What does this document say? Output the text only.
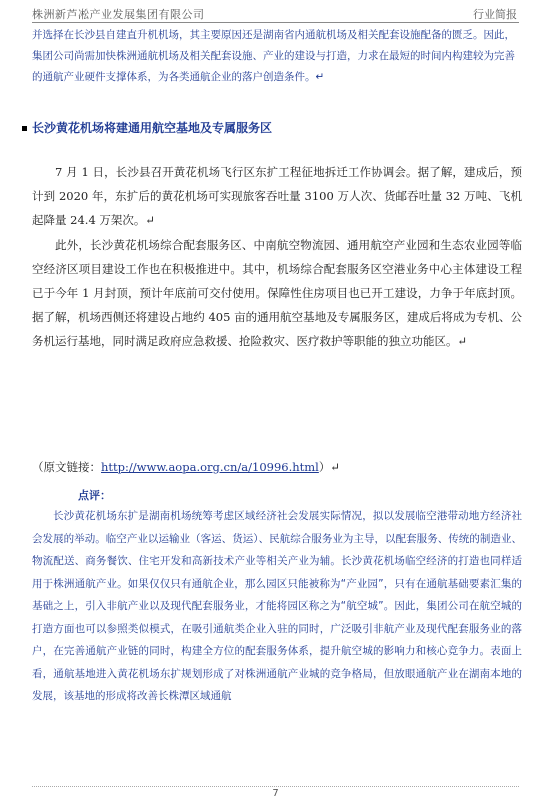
株洲新芦凇产业发展集团有限公司	行业简报
并选择在长沙县自建直升机机场，其主要原因还是湖南省内通航机场及相关配套设施配备的匮乏。因此，集团公司尚需加快株洲通航机场及相关配套设施、产业的建设与打造，力求在最短的时间内构建较为完善的通航产业硬件支撑体系，为各类通航企业的落户创造条件。↵
长沙黄花机场将建通用航空基地及专属服务区
7 月 1 日，长沙县召开黄花机场飞行区东扩工程征地拆迁工作协调会。据了解，建成后，预计到 2020 年，东扩后的黄花机场可实现旅客吞吐量 3100 万人次、货邮吞吐量 32 万吨、飞机起降量 24.4 万架次。↵
此外，长沙黄花机场综合配套服务区、中南航空物流园、通用航空产业园和生态农业园等临空经济区项目建设工作也在积极推进中。其中，机场综合配套服务区空港业务中心主体建设工程已于今年 1 月封顶，预计年底前可交付使用。保障性住房项目也已开工建设，力争于年底封顶。据了解，机场西侧还将建设占地约 405 亩的通用航空基地及专属服务区，建成后将成为专机、公务机运行基地，同时满足政府应急救援、抢险救灾、医疗救护等职能的独立功能区。↵
（原文链接：http://www.aopa.org.cn/a/10996.html）↵
点评：
长沙黄花机场东扩是湖南机场统筹考虑区域经济社会发展实际情况，拟以发展临空港带动地方经济社会发展的举动。临空产业以运输业（客运、货运）、民航综合服务业为主导，以配套服务、传统的制造业、物流配送、商务餐饮、住宅开发和高新技术产业等相关产业为辅。长沙黄花机场临空经济的打造也同样适用于株洲通航产业。如果仅仅只有通航企业，那么园区只能被称为“产业园”，只有在通航基础要素汇集的基础之上，引入非航产业以及现代配套服务业，才能将园区称之为“航空城”。因此，集团公司在航空城的打造方面也可以参照类似模式，在吸引通航类企业入驻的同时，广泛吸引非航产业及现代配套服务业的落户，在完善通航产业链的同时，构建全方位的配套服务体系，提升航空城的影响力和核心竞争力。表面上看，通航基地进入黄花机场东扩规划形成了对株洲通航产业城的竞争格局，但放眼通航产业在湖南本地的发展，该基地的形成将改善长株潭区域通航
7
